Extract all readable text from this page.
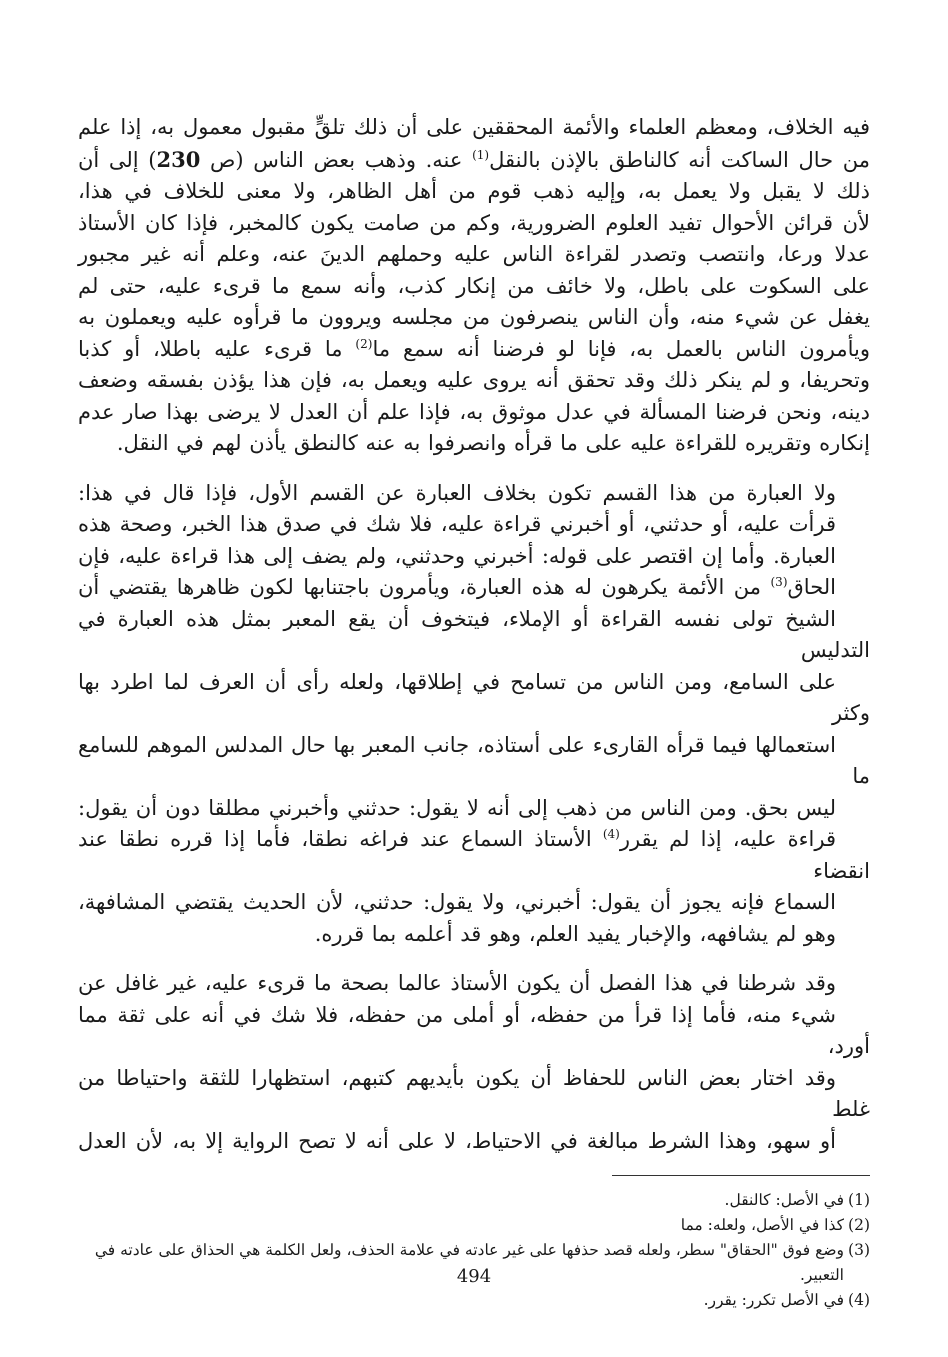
فيه الخلاف، ومعظم العلماء والأئمة المحققين على أن ذلك تلقٍّ مقبول معمول به، إذا علم
من حال الساكت أنه كالناطق بالإذن بالنقل$^{(1)}$ عنه. وذهب بعض الناس (ص 230) إلى أن
ذلك لا يقبل ولا يعمل به، وإليه ذهب قوم من أهل الظاهر، ولا معنى للخلاف في هذا،
لأن قرائن الأحوال تفيد العلوم الضرورية، وكم من صامت يكون كالمخبر، فإذا كان الأستاذ
عدلا ورعا، وانتصب وتصدر لقراءة الناس عليه وحملهم الدينَ عنه، وعلم أنه غير مجبور
على السكوت على باطل، ولا خائف من إنكار كذب، وأنه سمع ما قرىء عليه، حتى لم
يغفل عن شيء منه، وأن الناس ينصرفون من مجلسه ويروون ما قرأوه عليه ويعملون به
ويأمرون الناس بالعمل به، فإنا لو فرضنا أنه سمع ما$^{(2)}$ ما قرىء عليه باطلا، أو كذبا
وتحريفا، و لم ينكر ذلك وقد تحقق أنه يروى عليه ويعمل به، فإن هذا يؤذن بفسقه وضعف
دينه، ونحن فرضنا المسألة في عدل موثوق به، فإذا علم أن العدل لا يرضى بهذا صار عدم
إنكاره وتقريره للقراءة عليه على ما قرأه وانصرفوا به عنه كالنطق يأذن لهم في النقل.

ولا العبارة من هذا القسم تكون بخلاف العبارة عن القسم الأول، فإذا قال في هذا:
قرأت عليه، أو حدثني، أو أخبرني قراءة عليه، فلا شك في صدق هذا الخبر، وصحة هذه
العبارة. وأما إن اقتصر على قوله: أخبرني وحدثني، ولم يضف إلى هذا قراءة عليه، فإن
الحاق$^{(3)}$ من الأئمة يكرهون له هذه العبارة، ويأمرون باجتنابها لكون ظاهرها يقتضي أن
الشيخ تولى نفسه القراءة أو الإملاء، فيتخوف أن يقع المعبر بمثل هذه العبارة في التدليس
على السامع، ومن الناس من تسامح في إطلاقها، ولعله رأى أن العرف لما اطرد بها وكثر
استعمالها فيما قرأه القارىء على أستاذه، جانب المعبر بها حال المدلس الموهم للسامع ما
ليس بحق. ومن الناس من ذهب إلى أنه لا يقول: حدثني وأخبرني مطلقا دون أن يقول:
قراءة عليه، إذا لم يقرر$^{(4)}$ الأستاذ السماع عند فراغه نطقا، فأما إذا قرره نطقا عند انقضاء
السماع فإنه يجوز أن يقول: أخبرني، ولا يقول: حدثني، لأن الحديث يقتضي المشافهة،
وهو لم يشافهه، والإخبار يفيد العلم، وهو قد أعلمه بما قرره.

وقد شرطنا في هذا الفصل أن يكون الأستاذ عالما بصحة ما قرىء عليه، غير غافل عن
شيء منه، فأما إذا قرأ من حفظه، أو أملى من حفظه، فلا شك في أنه على ثقة مما أورد،
وقد اختار بعض الناس للحفاظ أن يكون بأيديهم كتبهم، استظهارا للثقة واحتياطا من غلط
أو سهو، وهذا الشرط مبالغة في الاحتياط، لا على أنه لا تصح الرواية إلا به، لأن العدل

(1)
في الأصل: كالنقل.
(2)
كذا في الأصل، ولعله: مما
(3)
وضع فوق "الحقاق" سطر، ولعله قصد حذفها على غير عادته في علامة الحذف، ولعل الكلمة هي الحذاق على عادته في التعبير.
(4)
في الأصل تكرر: يقرر.
494
